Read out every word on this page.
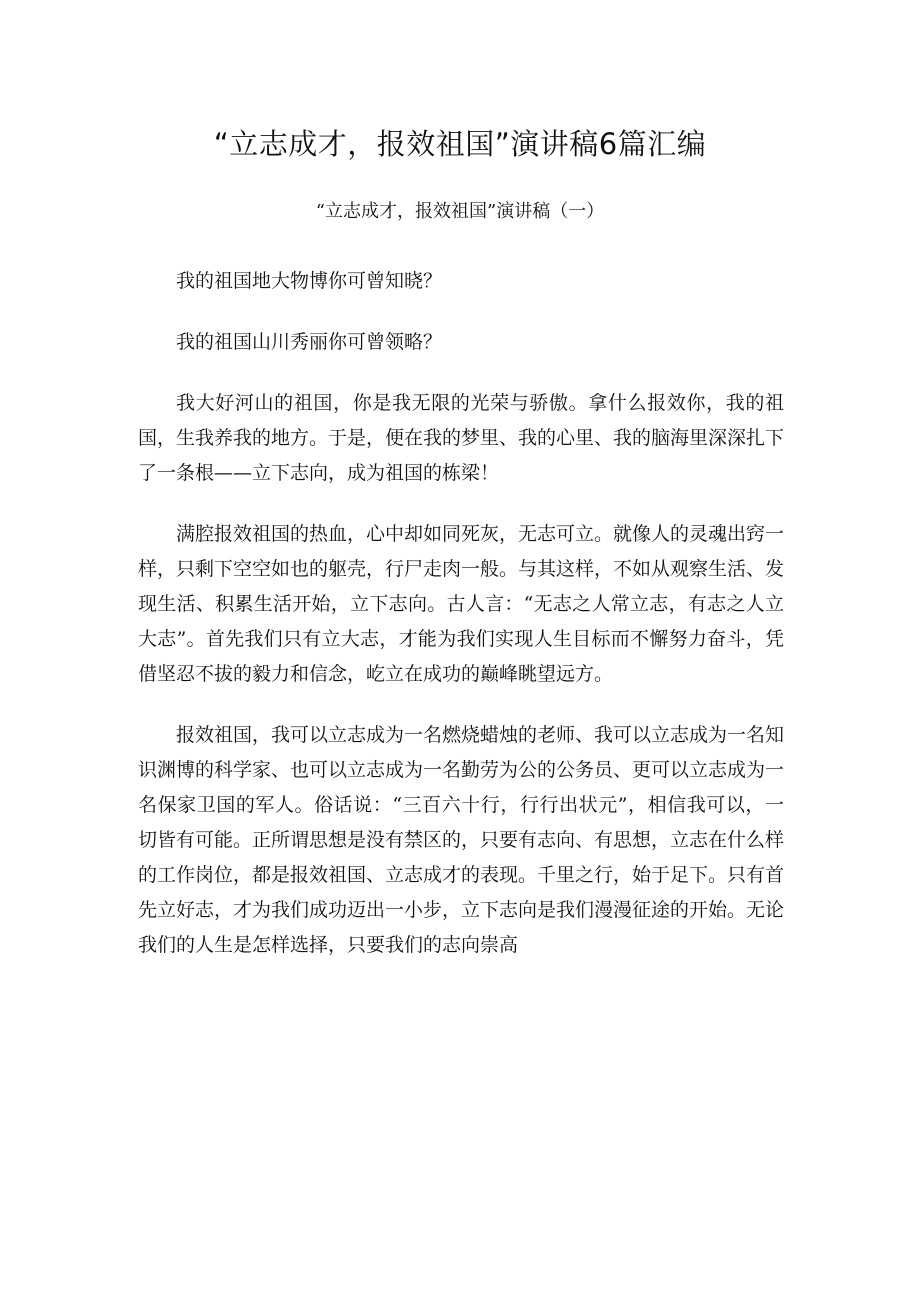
“立志成才，报效祖国”演讲稿6篇汇编
“立志成才，报效祖国”演讲稿（一）

我的祖国地大物博你可曾知晓？

我的祖国山川秀丽你可曾领略？

我大好河山的祖国，你是我无限的光荣与骄傲。拿什么报效你，我的祖国，生我养我的地方。于是，便在我的梦里、我的心里、我的脑海里深深扎下了一条根——立下志向，成为祖国的栋梁！

满腔报效祖国的热血，心中却如同死灰，无志可立。就像人的灵魂出窍一样，只剩下空空如也的躯壳，行尸走肉一般。与其这样，不如从观察生活、发现生活、积累生活开始，立下志向。古人言：“无志之人常立志，有志之人立大志”。首先我们只有立大志，才能为我们实现人生目标而不懈努力奋斗，凭借坚忍不拔的毅力和信念，屹立在成功的巅峰眺望远方。

报效祖国，我可以立志成为一名燃烧蜡烛的老师、我可以立志成为一名知识渊博的科学家、也可以立志成为一名勤劳为公的公务员、更可以立志成为一名保家卫国的军人。俗话说：“三百六十行，行行出状元”，相信我可以，一切皆有可能。正所谓思想是没有禁区的，只要有志向、有思想，立志在什么样的工作岗位，都是报效祖国、立志成才的表现。千里之行，始于足下。只有首先立好志，才为我们成功迈出一小步，立下志向是我们漫漫征途的开始。无论我们的人生是怎样选择，只要我们的志向崇高
